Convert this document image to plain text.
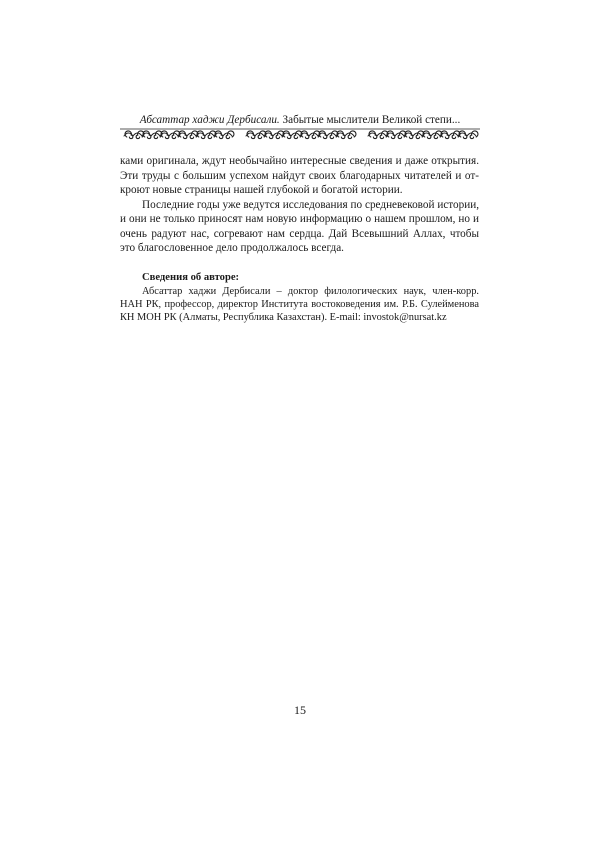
Абсаттар хаджи Дербисали. Забытые мыслители Великой степи...

ками оригинала, ждут необычайно интересные сведения и даже открытия. Эти труды с большим успехом найдут своих благодарных читателей и откроют новые страницы нашей глубокой и богатой истории.

Последние годы уже ведутся исследования по средневековой истории, и они не только приносят нам новую информацию о нашем прошлом, но и очень радуют нас, согревают нам сердца. Дай Всевышний Аллах, чтобы это благословенное дело продолжалось всегда.

Сведения об авторе:

Абсаттар хаджи Дербисали – доктор филологических наук, член-корр. НАН РК, профессор, директор Института востоковедения им. Р.Б. Сулейменова КН МОН РК (Алматы, Республика Казахстан). E-mail: invostok@nursat.kz

15
